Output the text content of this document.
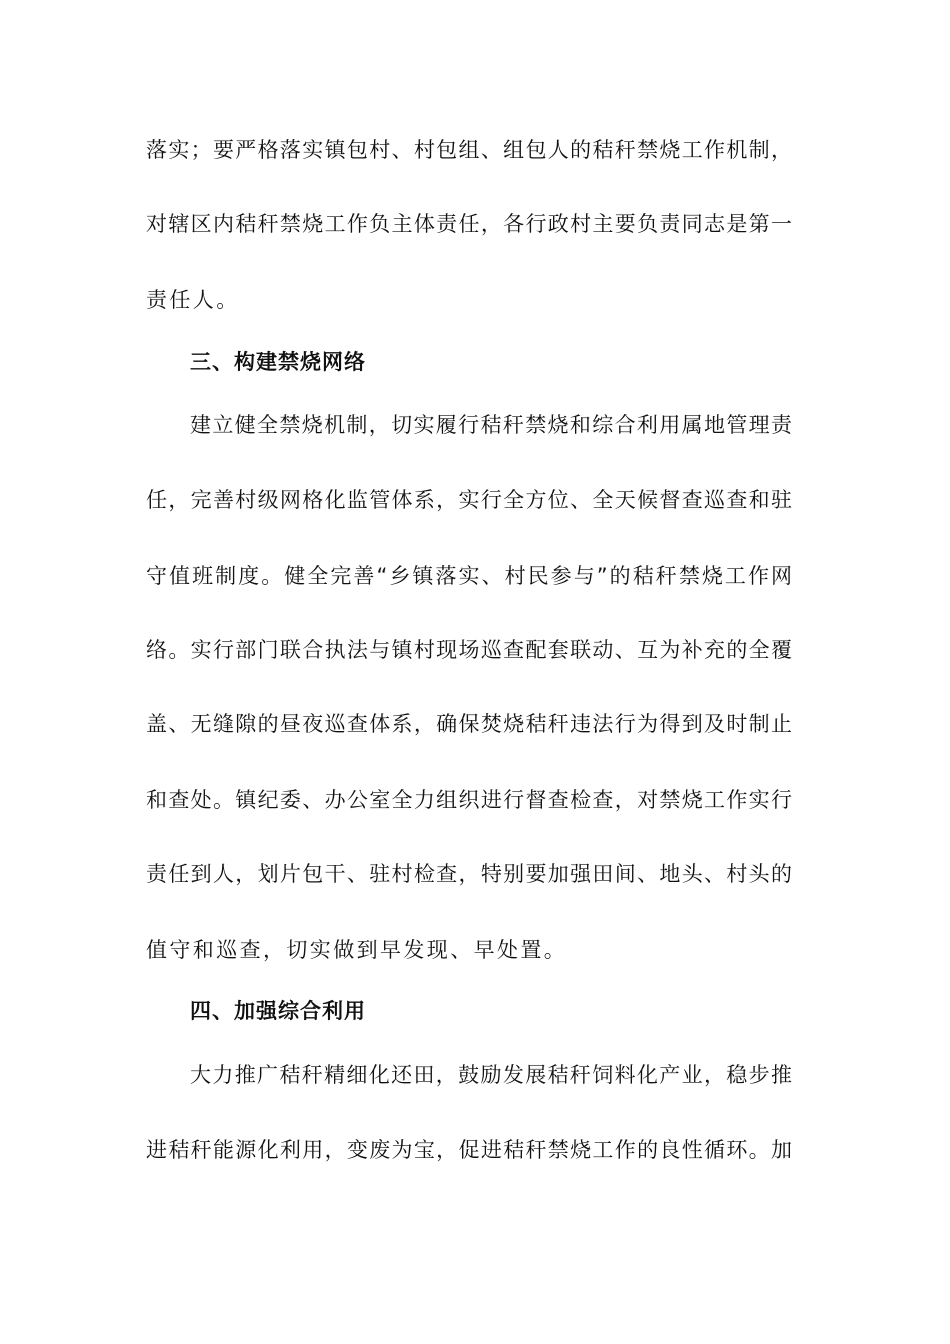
落实；要严格落实镇包村、村包组、组包人的秸秆禁烧工作机制，
对辖区内秸秆禁烧工作负主体责任，各行政村主要负责同志是第一
责任人。
三、构建禁烧网络
建立健全禁烧机制，切实履行秸秆禁烧和综合利用属地管理责
任，完善村级网格化监管体系，实行全方位、全天候督查巡查和驻
守值班制度。健全完善“乡镇落实、村民参与”的秸秆禁烧工作网
络。实行部门联合执法与镇村现场巡查配套联动、互为补充的全覆
盖、无缝隙的昼夜巡查体系，确保焚烧秸秆违法行为得到及时制止
和查处。镇纪委、办公室全力组织进行督查检查，对禁烧工作实行
责任到人，划片包干、驻村检查，特别要加强田间、地头、村头的
值守和巡查，切实做到早发现、早处置。
四、加强综合利用
大力推广秸秆精细化还田，鼓励发展秸秆饲料化产业，稳步推
进秸秆能源化利用，变废为宝，促进秸秆禁烧工作的良性循环。加
